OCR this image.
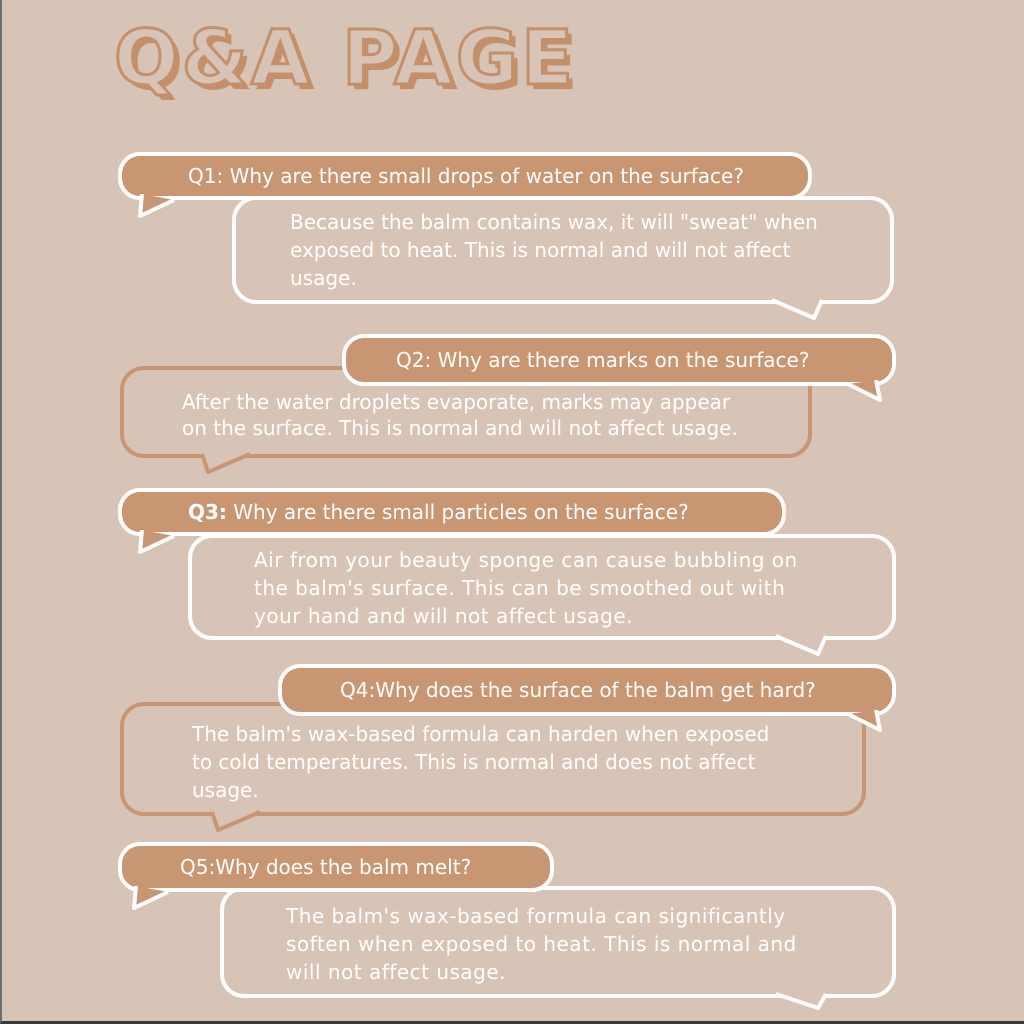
Q&A PAGE
Because the balm contains wax, it will "sweat" when
exposed to heat. This is normal and will not affect
usage.
Q1: Why are there small drops of water on the surface?
After the water droplets evaporate, marks may appear
on the surface. This is normal and will not affect usage.
Q2: Why are there marks on the surface?
Air from your beauty sponge can cause bubbling on
the balm's surface. This can be smoothed out with
your hand and will not affect usage.
Q3:
Why are there small particles on the surface?
The balm's wax-based formula can harden when exposed
to cold temperatures. This is normal and does not affect
usage.
Q4:Why does the surface of the balm get hard?
The balm's wax-based formula can significantly
soften when exposed to heat. This is normal and
will not affect usage.
Q5:Why does the balm melt?
